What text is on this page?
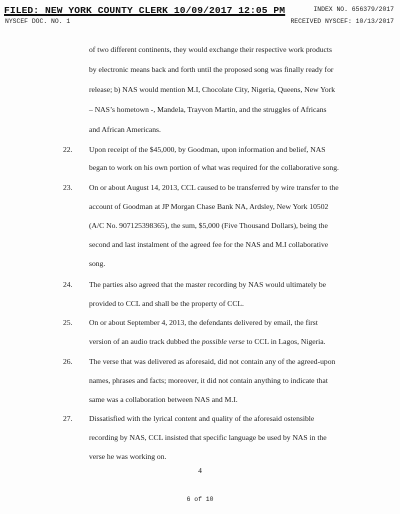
FILED: NEW YORK COUNTY CLERK 10/09/2017 12:05 PM	INDEX NO. 656379/2017
NYSCEF DOC. NO. 1	RECEIVED NYSCEF: 10/13/2017
of two different continents, they would exchange their respective work products
by electronic means back and forth until the proposed song was finally ready for
release; b) NAS would mention M.I, Chocolate City, Nigeria, Queens, New York
– NAS’s hometown -, Mandela, Trayvon Martin, and the struggles of Africans
and African Americans.
22. Upon receipt of the $45,000, by Goodman, upon information and belief, NAS
began to work on his own portion of what was required for the collaborative song.
23. On or about August 14, 2013, CCL caused to be transferred by wire transfer to the
account of Goodman at JP Morgan Chase Bank NA, Ardsley, New York 10502
(A/C No. 907125398365), the sum, $5,000 (Five Thousand Dollars), being the
second and last instalment of the agreed fee for the NAS and M.I collaborative
song.
24. The parties also agreed that the master recording by NAS would ultimately be
provided to CCL and shall be the property of CCL.
25. On or about September 4, 2013, the defendants delivered by email, the first
version of an audio track dubbed the possible verse to CCL in Lagos, Nigeria.
26. The verse that was delivered as aforesaid, did not contain any of the agreed-upon
names, phrases and facts; moreover, it did not contain anything to indicate that
same was a collaboration between NAS and M.I.
27. Dissatisfied with the lyrical content and quality of the aforesaid ostensible
recording by NAS, CCL insisted that specific language be used by NAS in the
verse he was working on.
4
6 of 10
